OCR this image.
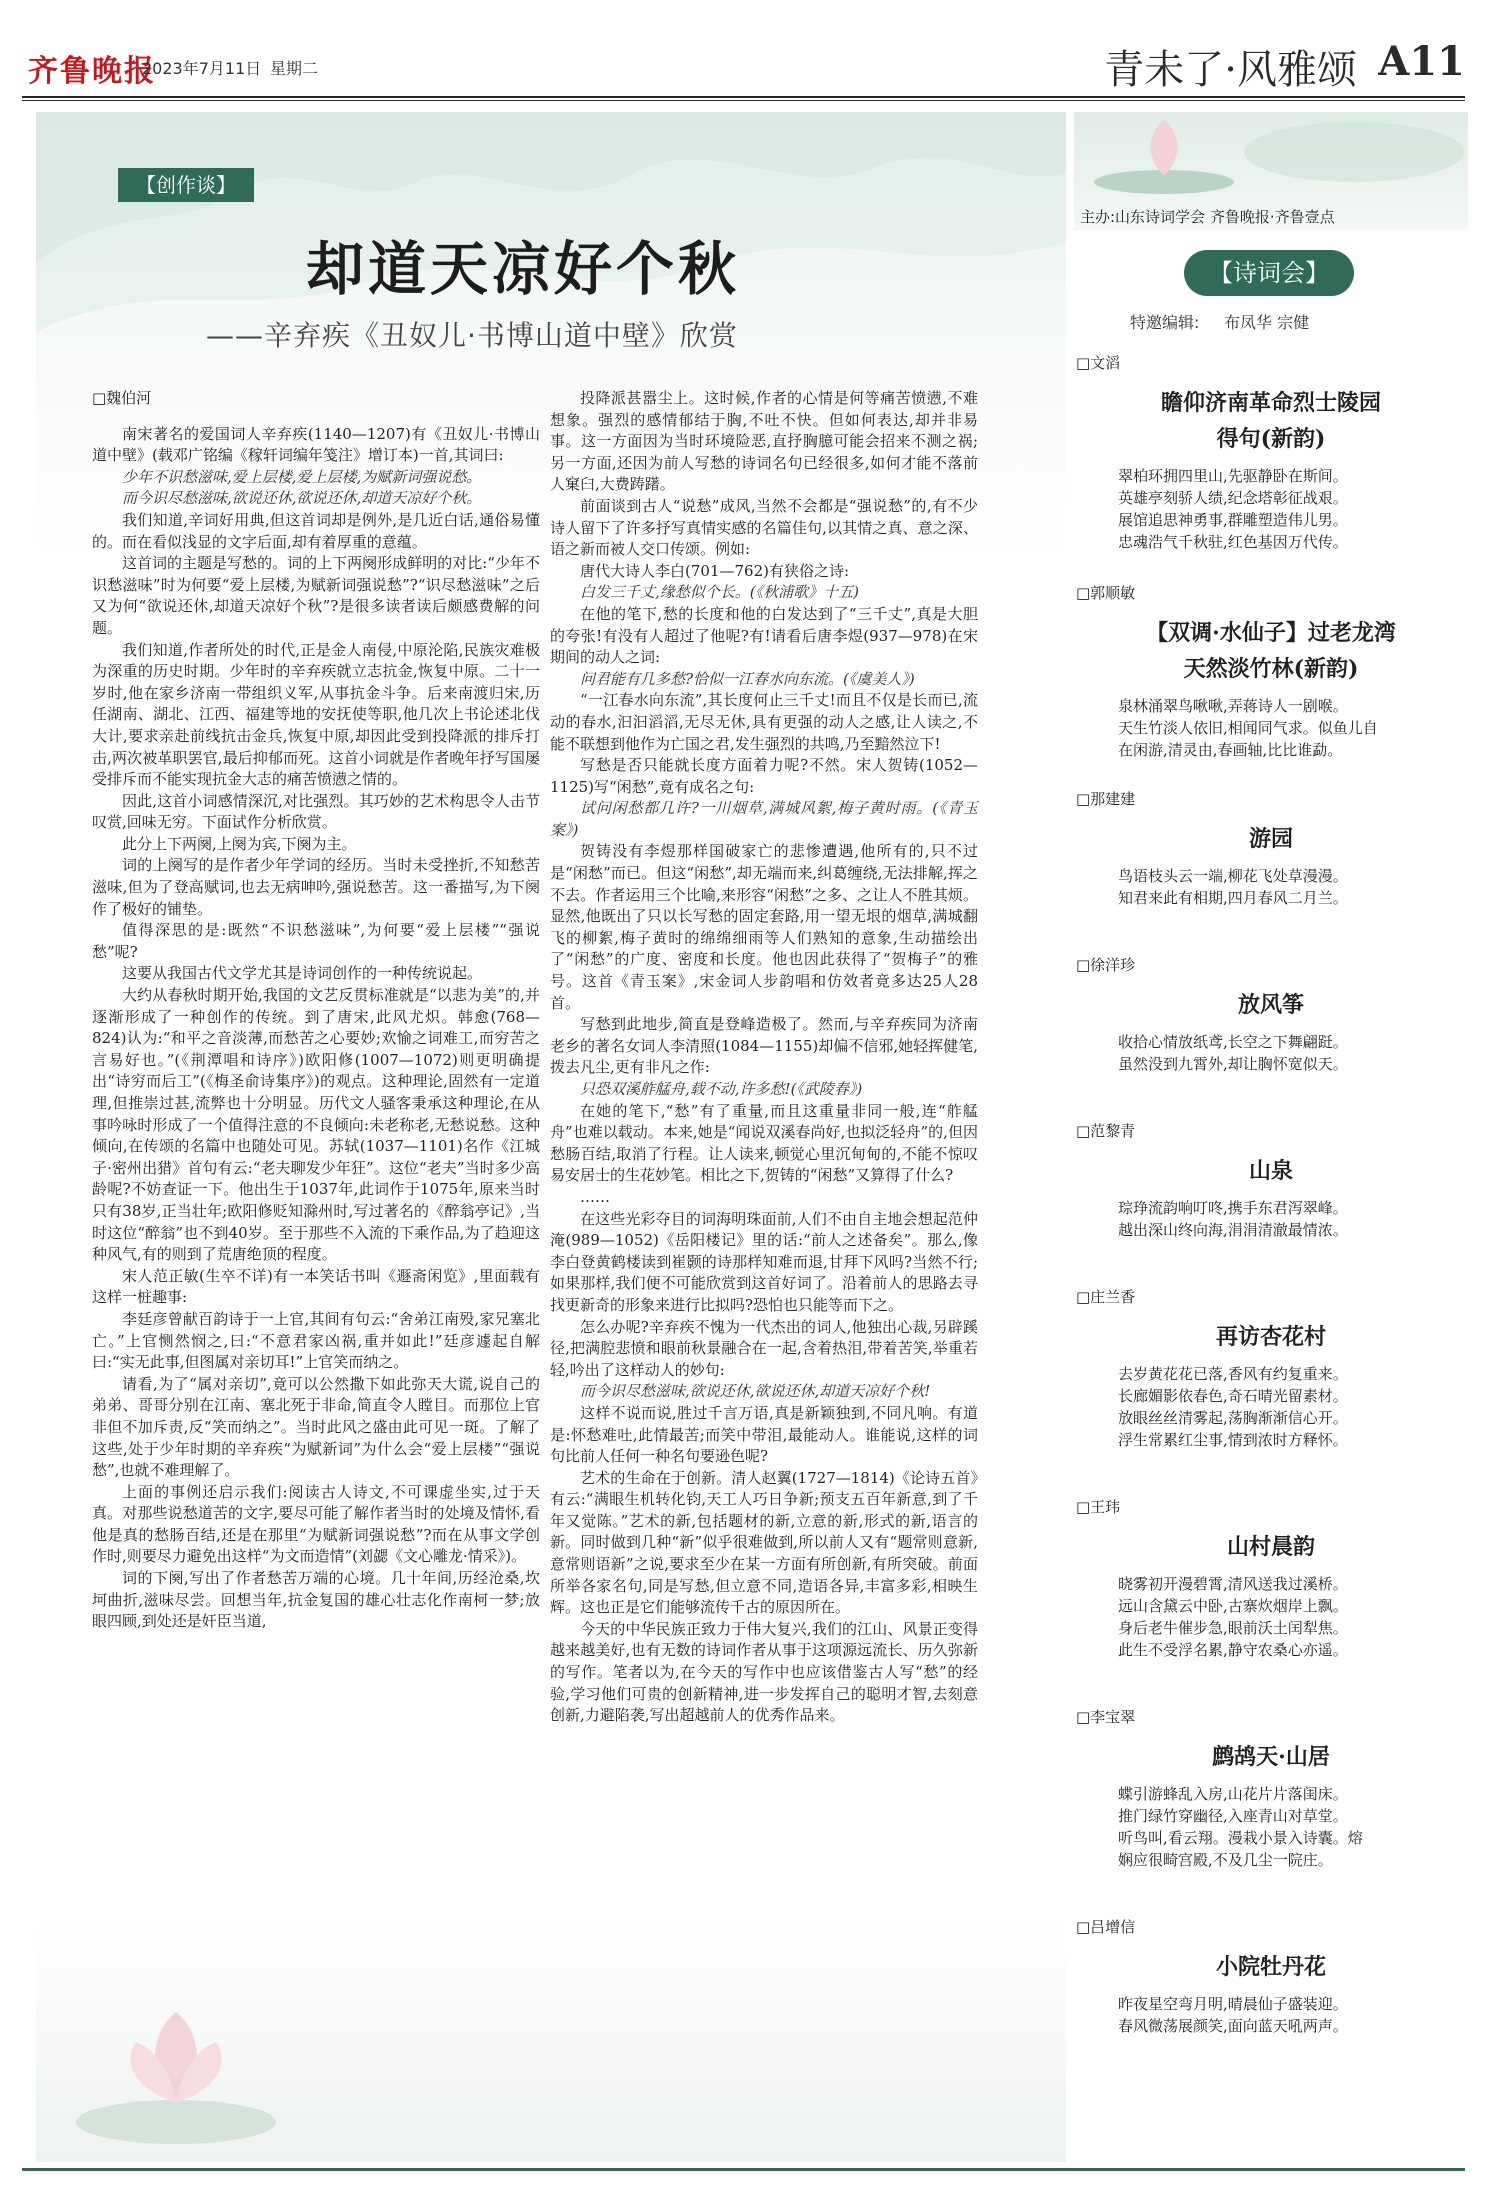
齐鲁晚报
2023年7月11日 星期二	青未了·风雅颂 A11
【创作谈】
却道天凉好个秋
——辛弃疾《丑奴儿·书博山道中壁》欣赏

□魏伯河

南宋著名的爱国词人辛弃疾(1140—1207)有《丑奴儿·书博山道中壁》(载邓广铭编《稼轩词编年笺注》增订本)一首,其词曰:

少年不识愁滋味,爱上层楼,爱上层楼,为赋新词强说愁。

而今识尽愁滋味,欲说还休,欲说还休,却道天凉好个秋。

我们知道,辛词好用典,但这首词却是例外,是几近白话,通俗易懂的。而在看似浅显的文字后面,却有着厚重的意蕴。

这首词的主题是写愁的。词的上下两阕形成鲜明的对比:“少年不识愁滋味”时为何要“爱上层楼,为赋新词强说愁”?“识尽愁滋味”之后又为何“欲说还休,却道天凉好个秋”?是很多读者读后颇感费解的问题。

我们知道,作者所处的时代,正是金人南侵,中原沦陷,民族灾难极为深重的历史时期。少年时的辛弃疾就立志抗金,恢复中原。二十一岁时,他在家乡济南一带组织义军,从事抗金斗争。后来南渡归宋,历任湖南、湖北、江西、福建等地的安抚使等职,他几次上书论述北伐大计,要求亲赴前线抗击金兵,恢复中原,却因此受到投降派的排斥打击,两次被革职罢官,最后抑郁而死。这首小词就是作者晚年抒写国屡受排斥而不能实现抗金大志的痛苦愤懑之情的。

因此,这首小词感情深沉,对比强烈。其巧妙的艺术构思令人击节叹赏,回味无穷。下面试作分析欣赏。

此分上下两阕,上阕为宾,下阕为主。

词的上阕写的是作者少年学词的经历。当时未受挫折,不知愁苦滋味,但为了登高赋词,也去无病呻吟,强说愁苦。这一番描写,为下阕作了极好的铺垫。

值得深思的是:既然“不识愁滋味”,为何要“爱上层楼”“强说愁”呢?

这要从我国古代文学尤其是诗词创作的一种传统说起。

大约从春秋时期开始,我国的文艺反贯标准就是“以悲为美”的,并逐渐形成了一种创作的传统。到了唐宋,此风尤炽。韩愈(768—824)认为:“和平之音淡薄,而愁苦之心要妙;欢愉之词难工,而穷苦之言易好也。”(《荆潭唱和诗序》)欧阳修(1007—1072)则更明确提出“诗穷而后工”(《梅圣俞诗集序》)的观点。这种理论,固然有一定道理,但推崇过甚,流弊也十分明显。历代文人骚客秉承这种理论,在从事吟咏时形成了一个值得注意的不良倾向:未老称老,无愁说愁。这种倾向,在传颂的名篇中也随处可见。苏轼(1037—1101)名作《江城子·密州出猎》首句有云:“老夫聊发少年狂”。这位“老夫”当时多少高龄呢?不妨查证一下。他出生于1037年,此词作于1075年,原来当时只有38岁,正当壮年;欧阳修贬知滁州时,写过著名的《醉翁亭记》,当时这位“醉翁”也不到40岁。至于那些不入流的下乘作品,为了趋迎这种风气,有的则到了荒唐绝顶的程度。

宋人范正敏(生卒不详)有一本笑话书叫《遯斋闲览》,里面载有这样一桩趣事:

李廷彦曾献百韵诗于一上官,其间有句云:“舍弟江南殁,家兄塞北亡。”上官恻然悯之,曰:“不意君家凶祸,重并如此!”廷彦遽起自解曰:“实无此事,但图属对亲切耳!”上官笑而纳之。

请看,为了“属对亲切”,竟可以公然撒下如此弥天大谎,说自己的弟弟、哥哥分别在江南、塞北死于非命,简直令人瞠目。而那位上官非但不加斥责,反“笑而纳之”。当时此风之盛由此可见一斑。了解了这些,处于少年时期的辛弃疾“为赋新词”为什么会“爱上层楼”“强说愁”,也就不难理解了。

上面的事例还启示我们:阅读古人诗文,不可课虚坐实,过于天真。对那些说愁道苦的文字,要尽可能了解作者当时的处境及情怀,看他是真的愁肠百结,还是在那里“为赋新词强说愁”?而在从事文学创作时,则要尽力避免出这样“为文而造情”(刘勰《文心雕龙·情采》)。

词的下阕,写出了作者愁苦万端的心境。几十年间,历经沧桑,坎坷曲折,滋味尽尝。回想当年,抗金复国的雄心壮志化作南柯一梦;放眼四顾,到处还是奸臣当道,

投降派甚嚣尘上。这时候,作者的心情是何等痛苦愤懑,不难想象。强烈的感情郁结于胸,不吐不快。但如何表达,却并非易事。这一方面因为当时环境险恶,直抒胸臆可能会招来不测之祸;另一方面,还因为前人写愁的诗词名句已经很多,如何才能不落前人窠臼,大费踌躇。

前面谈到古人“说愁”成风,当然不会都是“强说愁”的,有不少诗人留下了许多抒写真情实感的名篇佳句,以其情之真、意之深、语之新而被人交口传颂。例如:

唐代大诗人李白(701—762)有狭俗之诗:

白发三千丈,缘愁似个长。(《秋浦歌》十五)

在他的笔下,愁的长度和他的白发达到了“三千丈”,真是大胆的夸张!有没有人超过了他呢?有!请看后唐李煜(937—978)在宋期间的动人之词:

问君能有几多愁?恰似一江春水向东流。(《虞美人》)

“一江春水向东流”,其长度何止三千丈!而且不仅是长而已,流动的春水,汩汩滔滔,无尽无休,具有更强的动人之感,让人读之,不能不联想到他作为亡国之君,发生强烈的共鸣,乃至黯然泣下!

写愁是否只能就长度方面着力呢?不然。宋人贺铸(1052—1125)写“闲愁”,竟有成名之句:

试问闲愁都几许?一川烟草,满城风絮,梅子黄时雨。(《青玉案》)

贺铸没有李煜那样国破家亡的悲惨遭遇,他所有的,只不过是“闲愁”而已。但这“闲愁”,却无端而来,纠葛缠绕,无法排解,挥之不去。作者运用三个比喻,来形容“闲愁”之多、之让人不胜其烦。显然,他既出了只以长写愁的固定套路,用一望无垠的烟草,满城翻飞的柳絮,梅子黄时的绵绵细雨等人们熟知的意象,生动描绘出了“闲愁”的广度、密度和长度。他也因此获得了“贺梅子”的雅号。这首《青玉案》,宋金词人步韵唱和仿效者竟多达25人28首。

写愁到此地步,简直是登峰造极了。然而,与辛弃疾同为济南老乡的著名女词人李清照(1084—1155)却偏不信邪,她轻挥健笔,拨去凡尘,更有非凡之作:

只恐双溪舴艋舟,载不动,许多愁!(《武陵春》)

在她的笔下,“愁”有了重量,而且这重量非同一般,连“舴艋舟”也难以载动。本来,她是“闻说双溪春尚好,也拟泛轻舟”的,但因愁肠百结,取消了行程。让人读来,顿觉心里沉甸甸的,不能不惊叹易安居士的生花妙笔。相比之下,贺铸的“闲愁”又算得了什么?

……

在这些光彩夺目的词海明珠面前,人们不由自主地会想起范仲淹(989—1052)《岳阳楼记》里的话:“前人之述备矣”。那么,像李白登黄鹤楼读到崔颢的诗那样知难而退,甘拜下风吗?当然不行;如果那样,我们便不可能欣赏到这首好词了。沿着前人的思路去寻找更新奇的形象来进行比拟吗?恐怕也只能等而下之。

怎么办呢?辛弃疾不愧为一代杰出的词人,他独出心裁,另辟蹊径,把满腔悲愤和眼前秋景融合在一起,含着热泪,带着苦笑,举重若轻,吟出了这样动人的妙句:

而今识尽愁滋味,欲说还休,欲说还休,却道天凉好个秋!

这样不说而说,胜过千言万语,真是新颖独到,不同凡响。有道是:怀愁难吐,此情最苦;而笑中带泪,最能动人。谁能说,这样的词句比前人任何一种名句要逊色呢?

艺术的生命在于创新。清人赵翼(1727—1814)《论诗五首》有云:“满眼生机转化钧,天工人巧日争新;预支五百年新意,到了千年又觉陈。”艺术的新,包括题材的新,立意的新,形式的新,语言的新。同时做到几种“新”似乎很难做到,所以前人又有“题常则意新,意常则语新”之说,要求至少在某一方面有所创新,有所突破。前面所举各家名句,同是写愁,但立意不同,造语各异,丰富多彩,相映生辉。这也正是它们能够流传千古的原因所在。

今天的中华民族正致力于伟大复兴,我们的江山、风景正变得越来越美好,也有无数的诗词作者从事于这项源远流长、历久弥新的写作。笔者以为,在今天的写作中也应该借鉴古人写“愁”的经验,学习他们可贵的创新精神,进一步发挥自己的聪明才智,去刻意创新,力避陷袭,写出超越前人的优秀作品来。

主办:山东诗词学会 齐鲁晚报·齐鲁壹点
【诗词会】
特邀编辑: 布凤华 宗健
□文滔
瞻仰济南革命烈士陵园
得句(新韵)
翠柏环拥四里山,先驱静卧在斯间。
英雄亭刻骄人绩,纪念塔彰征战艰。
展馆追思神勇事,群雕塑造伟儿男。
忠魂浩气千秋驻,红色基因万代传。
□郭顺敏
【双调·水仙子】过老龙湾
天然淡竹林(新韵)
泉林涌翠鸟啾啾,弄蒋诗人一剧喉。
天生竹淡人依旧,相闻同气求。似鱼儿自
在闲游,清灵由,春画轴,比比谁勐。
□那建建
游园
鸟语枝头云一端,柳花飞处草漫漫。
知君来此有相期,四月春风二月兰。
□徐洋珍
放风筝
收拾心情放纸鸢,长空之下舞翩跹。
虽然没到九霄外,却让胸怀宽似天。
□范黎青
山泉
琮琤流韵响叮咚,携手东君泻翠峰。
越出深山终向海,涓涓清澈最情浓。
□庄兰香
再访杏花村
去岁黄花花已落,香风有约复重来。
长廊媚影依春色,奇石晴光留素材。
放眼丝丝清雾起,荡胸渐渐信心开。
浮生常累红尘事,情到浓时方释怀。
□王玮
山村晨韵
晓雾初开漫碧霄,清风送我过溪桥。
远山含黛云中卧,古寨炊烟岸上飘。
身后老牛催步急,眼前沃土闰犁焦。
此生不受浮名累,静守农桑心亦遥。
□李宝翠
鹧鸪天·山居
蝶引游蜂乱入房,山花片片落闺床。
推门绿竹穿幽径,入座青山对草堂。
听鸟叫,看云翔。漫栽小景入诗囊。熔
娴应很畸宫殿,不及几尘一院庄。
□吕增信
小院牡丹花
昨夜星空弯月明,晴晨仙子盛装迎。
春风微荡展颜笑,面向蓝天吼两声。
